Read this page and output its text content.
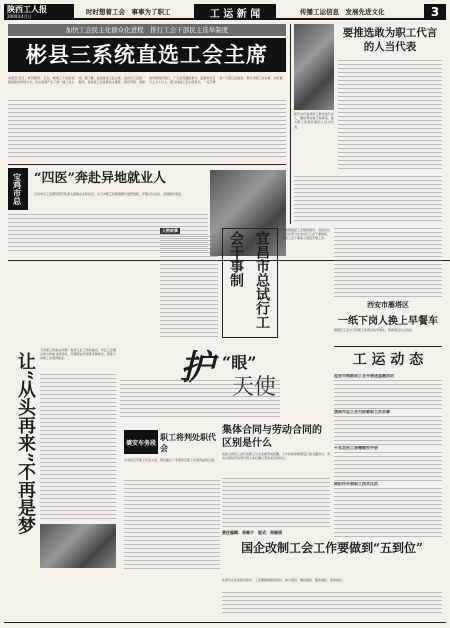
陕西工人报
2004年4月日
时时想着工会　事事为了职工	工 运 新 闻	传播工运信息　发展先进文化	3
加快工会民主化群众化进程　推行工会干部民主选举制度
彬县三系统直选工会主席
本报讯 近日，彬县教育、卫生、城建三个系统采取直接选举的方式，民主选举产生了新一届工会主席。据了解，这次直选工会主席，由县总工会统一组织，各系统工会按照民主推荐、组织考察、差额选举的程序进行，广大会员踊跃参与，投票率达百分之九十以上。新当选的工会主席表示，一定不辜负广大职工的信任，努力为职工办实事、办好事。
职代会代表是职工群众的代言人，要把那些敢于说真话、能为职工说话办事的人选为代表。
要推选敢为职工代言的人当代表
宝鸡市总 “四医”奔赴异地就业人
宝鸡市总工会组织医疗队深入困难企业和社区，为下岗职工和困难群众送医送药，开展义诊活动，受到群众欢迎。
人物故事
宜昌市总试行工会干事制
为加强基层工会组织建设，宜昌市总工会在部分企业试行工会干事制度，选派工会干事深入基层开展工作。
西安市雁塔区
一纸下岗人换上早餐车
雁塔区工会为下岗职工免费发放早餐车，帮助他们自主创业。
让“从头再来”不再是梦
下岗职工再就业问题一直是工会工作的重点。市总工会通过举办再就业培训班、开展职业介绍等多种形式，帮助下岗职工实现再就业。	护 “眼”
天使
工 运 动 态
延安市铁路局工会开展送温暖活动
渭南市总工会为困难职工办实事
千名农民工获赠维权手册
咸阳市开展职工技术比武
集体合同与劳动合同的区别是什么
集体合同是工会代表职工与企业就劳动报酬、工作时间等事项签订的书面协议；劳动合同是劳动者与用人单位确立劳动关系的协议。
填安车务段
职工将判处职代会
车务段召开职工代表大会，审议通过了多项涉及职工切身利益的议案。
国企改制工会工作要做到“五到位”
在国有企业改制过程中，工会要做到组织到位、参与到位、维权到位、服务到位、监督到位。
责任编辑：李维宁　版式：郑维瑛
